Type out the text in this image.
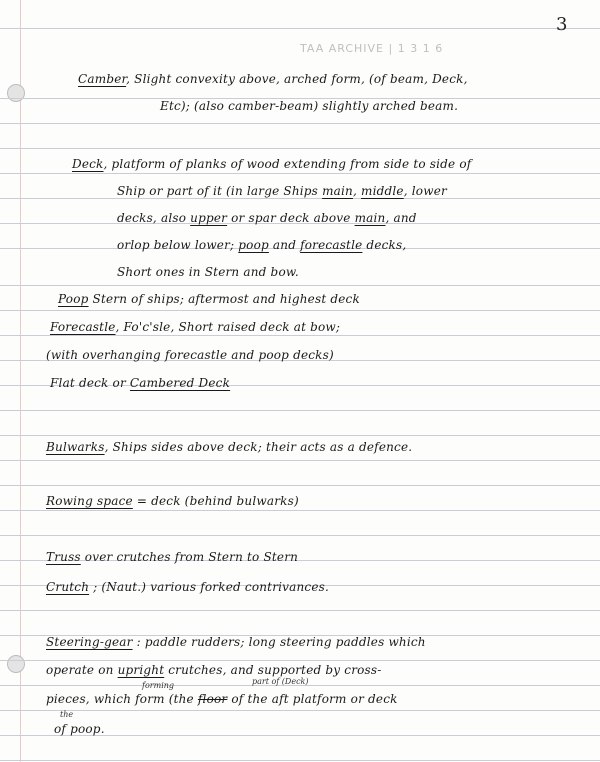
3
TAA ARCHIVE | 1 3 1 6
Camber, Slight convexity above, arched form, (of beam, Deck,
Etc); (also camber-beam) slightly arched beam.
Deck, platform of planks of wood extending from side to side of
Ship or part of it (in large Ships main, middle, lower
decks, also upper or spar deck above main, and
orlop below lower; poop and forecastle decks,
Short ones in Stern and bow.
Poop Stern of ships; aftermost and highest deck
Forecastle, Fo'c'sle, Short raised deck at bow;
(with overhanging forecastle and poop decks)
Flat deck or Cambered Deck
Bulwarks, Ships sides above deck; their acts as a defence.
Rowing space = deck (behind bulwarks)
Truss over crutches from Stern to Stern
Crutch ; (Naut.) various forked contrivances.
Steering-gear : paddle rudders; long steering paddles which
operate on upright crutches, and supported by cross-
forming	part of (Deck)
pieces, which form (the floor of the aft platform or deck
the
of poop.
